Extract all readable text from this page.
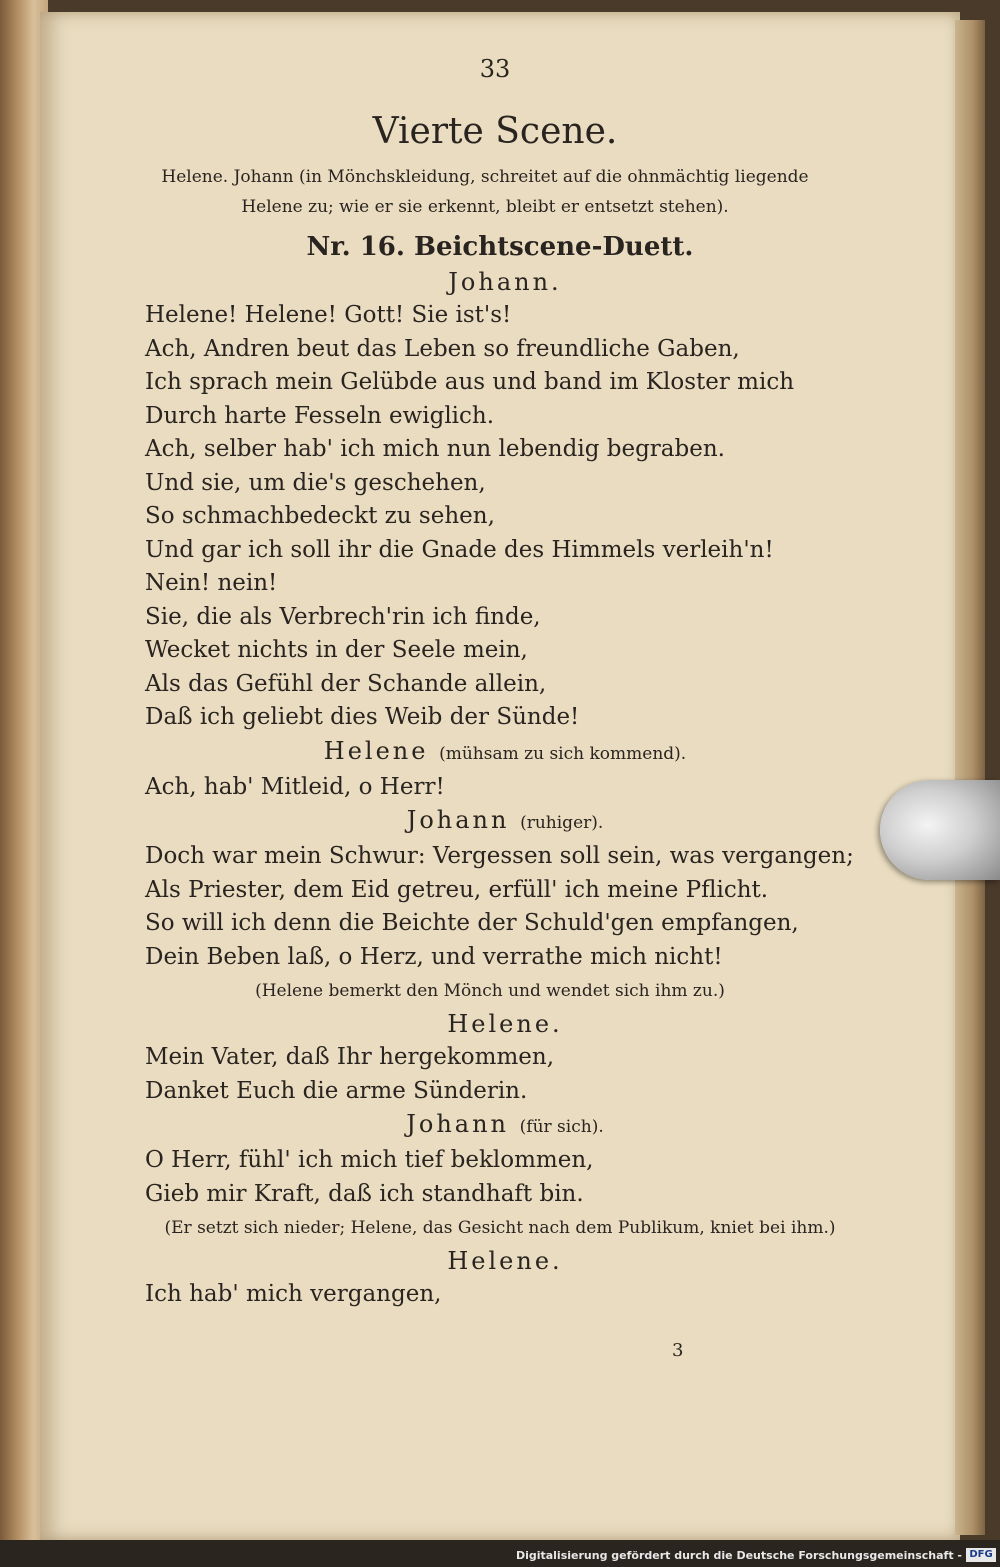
33
Vierte Scene.
Helene. Johann (in Mönchskleidung, schreitet auf die ohnmächtig liegende Helene zu; wie er sie erkennt, bleibt er entsetzt stehen).
Nr. 16. Beichtscene-Duett.
Johann.
Helene! Helene! Gott! Sie ist's!
Ach, Andren beut das Leben so freundliche Gaben,
Ich sprach mein Gelübde aus und band im Kloster mich
Durch harte Fesseln ewiglich.
Ach, selber hab' ich mich nun lebendig begraben.
Und sie, um die's geschehen,
So schmachbedeckt zu sehen,
Und gar ich soll ihr die Gnade des Himmels verleih'n!
Nein! nein!
Sie, die als Verbrech'rin ich finde,
Wecket nichts in der Seele mein,
Als das Gefühl der Schande allein,
Daß ich geliebt dies Weib der Sünde!
Helene (mühsam zu sich kommend).
Ach, hab' Mitleid, o Herr!
Johann (ruhiger).
Doch war mein Schwur: Vergessen soll sein, was vergangen;
Als Priester, dem Eid getreu, erfüll' ich meine Pflicht.
So will ich denn die Beichte der Schuld'gen empfangen,
Dein Beben laß, o Herz, und verrathe mich nicht!
(Helene bemerkt den Mönch und wendet sich ihm zu.)
Helene.
Mein Vater, daß Ihr hergekommen,
Danket Euch die arme Sünderin.
Johann (für sich).
O Herr, fühl' ich mich tief beklommen,
Gieb mir Kraft, daß ich standhaft bin.
(Er setzt sich nieder; Helene, das Gesicht nach dem Publikum, kniet bei ihm.)
Helene.
Ich hab' mich vergangen,
3
Digitalisierung gefördert durch die Deutsche Forschungsgemeinschaft - DFG
